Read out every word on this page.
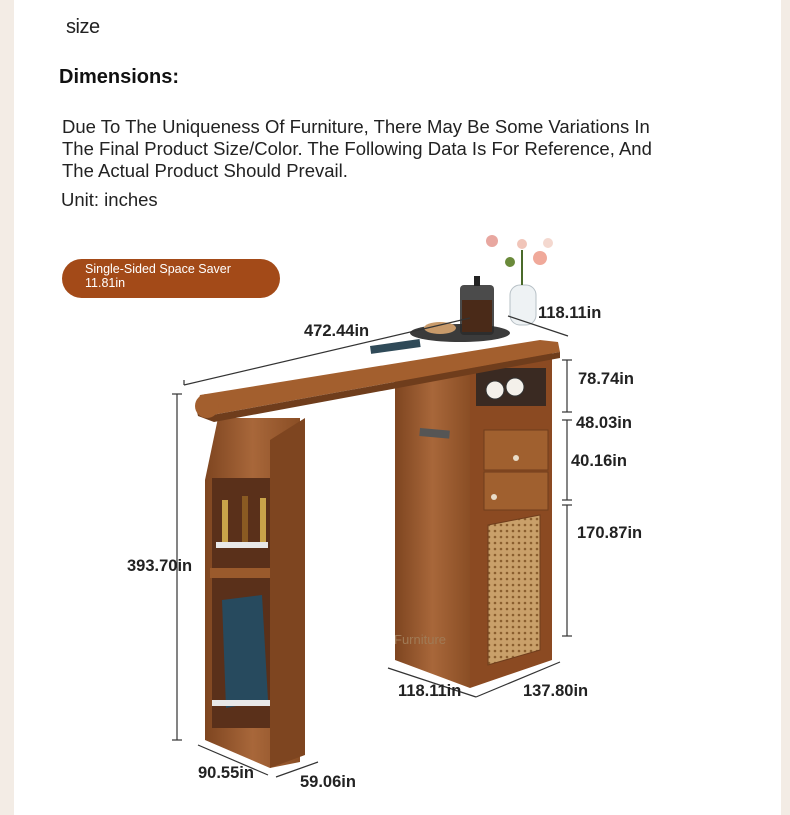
size
Dimensions:
Due To The Uniqueness Of Furniture, There May Be Some Variations In The Final Product Size/Color. The Following Data Is For Reference, And The Actual Product Should Prevail.
Unit: inches
Single-Sided Space Saver
11.81in
472.44in
118.11in
78.74in
48.03in
40.16in
170.87in
393.70in
118.11in	137.80in
90.55in	59.06in
Furniture
